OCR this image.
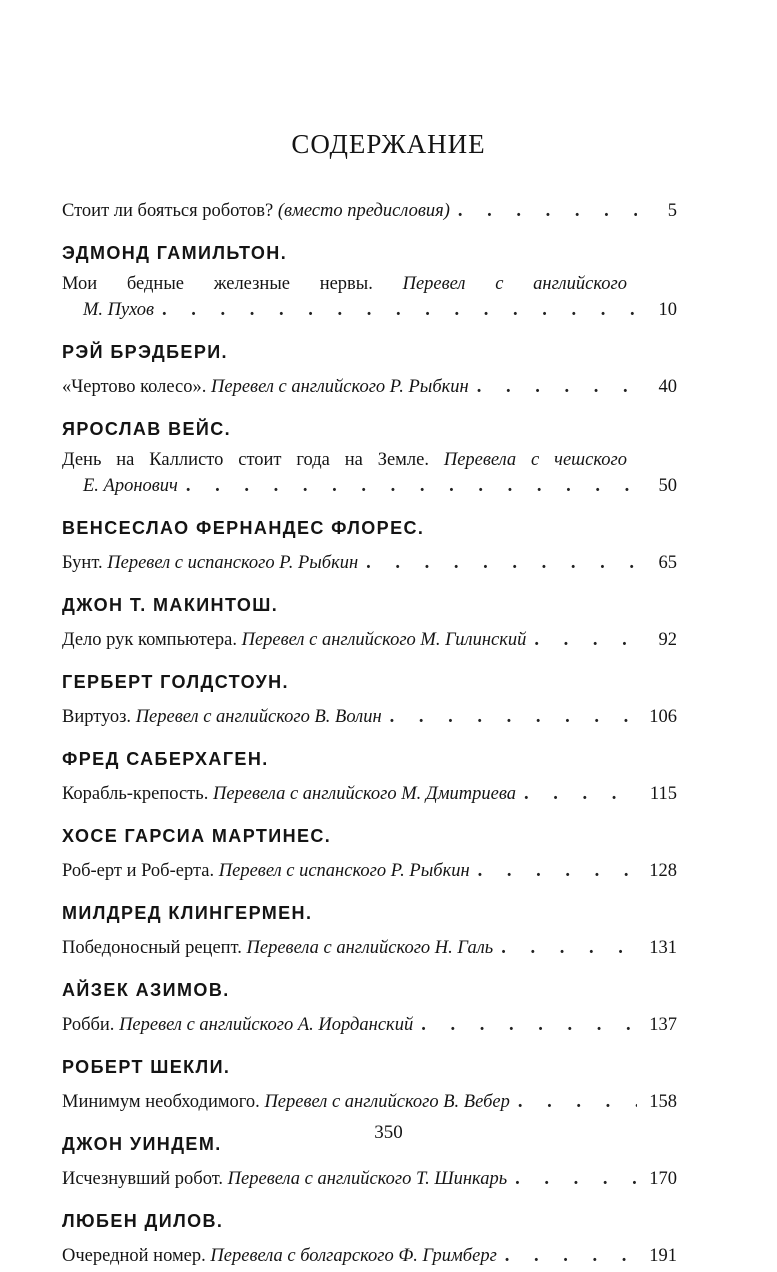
СОДЕРЖАНИЕ
Стоит ли бояться роботов? (вместо предисловия) . . .	5
ЭДМОНД ГАМИЛЬТОН.
Мои бедные железные нервы. Перевел с английского
М. Пухов . . .	10
РЭЙ БРЭДБЕРИ.
«Чертово колесо». Перевел с английского Р. Рыбкин . . .	40
ЯРОСЛАВ ВЕЙС.
День на Каллисто стоит года на Земле. Перевела с чешского
Е. Аронович . . .	50
ВЕНСЕСЛАО ФЕРНАНДЕС ФЛОРЕС.
Бунт. Перевел с испанского Р. Рыбкин . . .	65
ДЖОН Т. МАКИНТОШ.
Дело рук компьютера. Перевел с английского М. Гилинский . . .	92
ГЕРБЕРТ ГОЛДСТОУН.
Виртуоз. Перевел с английского В. Волин . . .	106
ФРЕД САБЕРХАГЕН.
Корабль-крепость. Перевела с английского М. Дмитриева . . .	115
ХОСЕ ГАРСИА МАРТИНЕС.
Роб-ерт и Роб-ерта. Перевел с испанского Р. Рыбкин . . .	128
МИЛДРЕД КЛИНГЕРМЕН.
Победоносный рецепт. Перевела с английского Н. Галь . . .	131
АЙЗЕК АЗИМОВ.
Робби. Перевел с английского А. Иорданский . . .	137
РОБЕРТ ШЕКЛИ.
Минимум необходимого. Перевел с английского В. Вебер . . .	158
ДЖОН УИНДЕМ.
Исчезнувший робот. Перевела с английского Т. Шинкарь . . .	170
ЛЮБЕН ДИЛОВ.
Очередной номер. Перевела с болгарского Ф. Гримберг . . .	191
350
